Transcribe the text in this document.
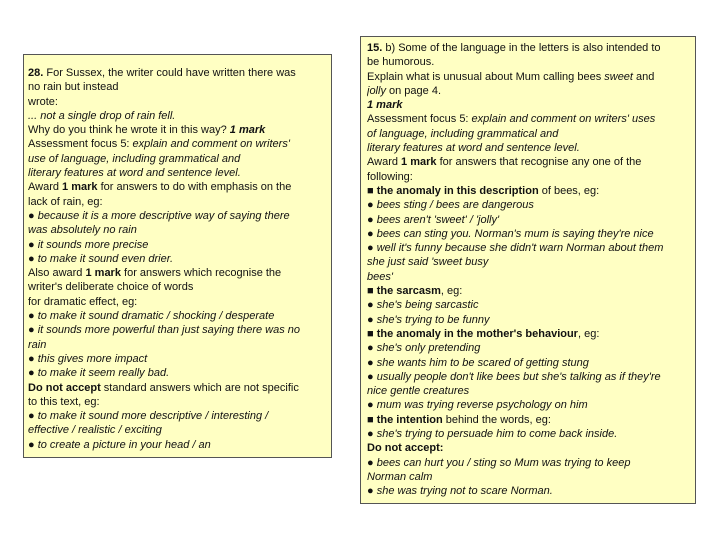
28. For Sussex, the writer could have written there was
no rain but instead
wrote:
... not a single drop of rain fell.
Why do you think he wrote it in this way? 1 mark
Assessment focus 5: explain and comment on writers'
use of language, including grammatical and
literary features at word and sentence level.
Award 1 mark for answers to do with emphasis on the
lack of rain, eg:
● because it is a more descriptive way of saying there
was absolutely no rain
● it sounds more precise
● to make it sound even drier.
Also award 1 mark for answers which recognise the
writer's deliberate choice of words
for dramatic effect, eg:
● to make it sound dramatic / shocking / desperate
● it sounds more powerful than just saying there was no
rain
● this gives more impact
● to make it seem really bad.
Do not accept standard answers which are not specific
to this text, eg:
● to make it sound more descriptive / interesting /
effective / realistic / exciting
● to create a picture in your head / an
15. b) Some of the language in the letters is also intended to
be humorous.
Explain what is unusual about Mum calling bees sweet and
jolly on page 4.
1 mark
Assessment focus 5: explain and comment on writers' uses
of language, including grammatical and
literary features at word and sentence level.
Award 1 mark for answers that recognise any one of the
following:
■ the anomaly in this description of bees, eg:
● bees sting / bees are dangerous
● bees aren't 'sweet' / 'jolly'
● bees can sting you. Norman's mum is saying they're nice
● well it's funny because she didn't warn Norman about them
she just said 'sweet busy
bees'
■ the sarcasm, eg:
● she's being sarcastic
● she's trying to be funny
■ the anomaly in the mother's behaviour, eg:
● she's only pretending
● she wants him to be scared of getting stung
● usually people don't like bees but she's talking as if they're
nice gentle creatures
● mum was trying reverse psychology on him
■ the intention behind the words, eg:
● she's trying to persuade him to come back inside.
Do not accept:
● bees can hurt you / sting so Mum was trying to keep
Norman calm
● she was trying not to scare Norman.
